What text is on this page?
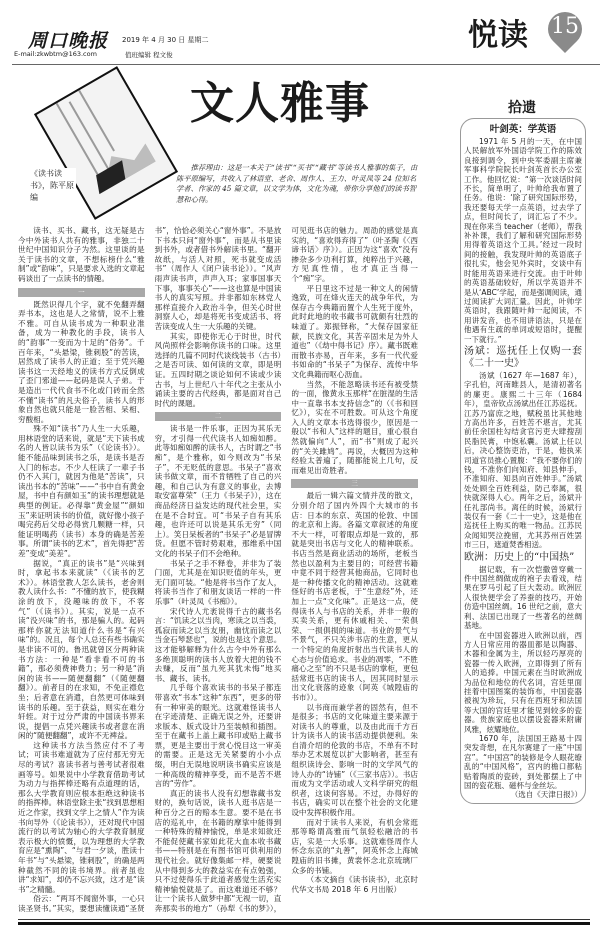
周口晚报 2019 年 4 月 30 日 星期二
E-mail:zkwbtm@163.com	值班编辑 程文俊
悦读 15
《读书读书》，陈平原编
文人雅事
推荐理由：这是一本关于“读书”“买书”“藏书”等读书人雅事的集子，由陈平原编写，共收入了林语堂、老舍、周作人、王力、叶灵凤等 24 位知名学者、作家的 45 篇文章，以文学为体，文化为魂，带你分享他们的读书智慧和心得。

读书、买书、藏书，这无疑是古今中外读书人共有的雅事，非独二十世纪中国知识分子为然。这里谈的是关于读书的文章，不想标榜什么“雅制”或“韵味”，只是要求入选的文章起码谈出了一点读书的情趣。

一

既然识得几个字，就不免翻弄翻弄书本，这也是人之常情，说不上雅不雅。可自从读书成为一种职业准备，成为一种教化的手段，读书人的“韵事”一变而为十足的“俗务”。千百年来，“头悬梁，锥刺股”的苦读，居然成了读书人的正道；至于凭兴趣读书这一天经地义的读书方式反倒成了歪门邪道——起码是误人子弟。于是造出一代代食书不化或门砖而全然不懂“读书”的凡夫俗子，读书人的形象自然也就只能是一脸苦相、呆相、穷酸相。

殊不知“读书”乃人生一大乐趣，用林语堂的话来说，就是“天下读书成名的人皆以读书为乐”（《论读书》）。能不能品味到读书之乐，是读书是否入门的标志。不少人枉读了一辈子书仍不入其门，就因为他是“苦读”，只读出书本的“苦味”——“书中自有黄金屋，书中自有颜如玉”的读书理想就是典型的例证。必得靠“黄金屋”“颜如玉”来证明读书的价值，就好像小孩子喝完药后父母必得赏几颗糖一样，只能证明喝药（读书）本身的确是苦差事。所谓“读书的艺术”，首先得把“苦差”变成“美差”。

据说，“真正的读书”是“兴味到时，拿起书本来就读”（《读书的艺术》）。林语堂教人怎么读书，老舍则教人读什么书：“不懂的放下，使我糊涂的放下，没趣味的放下，不客气”（《读书》）。其实，说是一点不读“没兴味”的书，那是骗人的。起码那样你就无法知道什么书是“有兴味”的。况且，每个人总还有些书确实是非读不可的。鲁迅就曾区分两种读书方法：一种是“看非看不可的书籍”，那必须费神费力；另一种是“消闲的读书——随便翻翻”（《随便翻翻》）。前者目的在求知，不免正襟危坐；后者意在消遣，自然更可体味到读书的乐趣。至于获益，则实在难分轩轾。对于过分严肃的中国读书界来说，提倡一点凭兴趣读书或者意在消闲的“随便翻翻”，或许不无裨益。

这种读书方法当然应付不了考试；可读书难道就为了应付那无穷无尽的考试？喜读书者与善考试者很难画等号。如果说中小学教育借助考试为动力与指挥棒还略有点道理的话，那么大学教育则应根本拒绝这种读书的指挥棒。林语堂除主张“找到思想相近之作家，找到文学上之情人”作为读书向导外（《论读书》），还对现代中国流行的以考试为轴心的大学教育制度表示极大的愤慨，以为理想的大学教育应是“熏陶”、“与君一夕谈，胜读十年书”与“头悬梁，锥刺股”，的确是两种截然不同的读书境界。前者虽也讲“求知”，却仍不忘兴致，这才是“读书”之精髓。

俗云：“两耳不闻窗外事，一心只读圣贤书。”其实，要想读懂读通“圣贤书”，恰恰必须关心“窗外事”。不是放下书本只问“窗外事”，而是从书里读到书外，或者借书外解读书里。“翻开故纸，与活人对照，死书就变成活书”（周作人《闭户读书论》）。“风声雨声读书声，声声入耳；家事国事天下事，事事关心”——这也算是中国读书人的真实写照。并非都如东林党人那样直接介入政治斗争，但关心时世洞察人心，却是将死书变成活书、将苦读变成人生一大乐趣的关键。

其实，即使你无心于时世，时代风尚照样会影响你读书的口味。这里选择的几篇不同时代谈线装书（古书）之是否可读、如何读的文章，即是明证。五四时期之谈论如何不读或少读古书，与上世纪八十年代之主张从小诵读主要的古代经典，都是面对自己时代的课题。

二

读书是一件乐事，正因为其乐无穷，才引得一代代读书人如痴如醉。此等如痴如醉的读书人，古时谓之“书痴”，是个雅称，如今则改为“书呆子”，不无贬低的意思。书呆子“喜欢读书做文章，而不肯牺牲了自己的兴趣，和自己认为有意义的事业，去博取安富尊荣”（王力《书呆子》），这在商品经济日益发达的现代社会里，实在是不合时宜。可“书呆子自有其乐趣，也许还可以说是其乐无穷”（同上）。笑日呆板者的“书呆子”必是冒牌货。但愿不管时势艰难，那维系中国文化的书呆子们不会绝种。

书呆子之手不释卷，并非为了装门面，尤其是在知识贬值的年头，更无门面可装。“他是将书当作了友人，将读书当作了和朋友谈话一样的一件乐事”（叶灵凤《书痴》）。

宋代诗人尤袤说得千古的藏书名言：“饥读之以当肉，寒读之以当裘，孤寂而读之以当友朋，幽忧而读之以当金石琴瑟也”，说的也是这个意思。这才能够解释为什么古今中外有那么多绝顶聪明的读书人放着大把的钱不去赚，反而“虽九死其犹未悔”地买书、藏书、读书。

几乎每个喜欢读书的书呆子都连带喜欢“书本”这种“东西”，更多的带有一种审美的眼光。这就难怪读书人在字迹清楚、正确无误之外，还要讲求版本、版式设计乃至装帧和插图。至于在藏书上盖上藏书印或贴上藏书票，更是主要出于赏心悦目这一审美的需要。正是这无关紧要的小小点缀，明白无误地说明读书确实应该是一种高级的精神享受，而不是苦不堪言的“劳作”。

真正的读书人没有幻想靠藏书发财的，换句话说，读书人逛书店是一种百分之百的赔本生意。要不是在书店的巡礼中，在书籍的摩挲中能得到一种特殊的精神愉悦，单是求知欲还不能促使藏书家如此花大血本收书藏书——特别是在有图书馆可供利用的现代社会。就好像集邮一样，硬要说从中得到多大的教益实在有点勉强，只不过使得乐于此道者感觉生活充实精神愉悦就是了。而这难道还不够？让一个读书人做梦中都“无视一切，直奔那卖书的地方”（孙犁《书的梦》），可见逛书店的魅力。周劭的感觉是真实的，“喜欢得弃得了”（叶圣陶《〈西谛书话〉序》）。正因为这“喜欢”没有掺杂多少功利打算，纯粹出于兴趣，方见真性情，也才真正当得一个“痴”字。

平日里这不过是一种文人的闲情逸致，可在烽火连天的战争年代，为保存古今典籍而置个人生死于度外，此时此地的收书藏书可就颇有壮烈的味道了。郑振铎称，“大保存国家征献，民族文化，其苦辛固未足为外人道也”（《劫中得书记》序）。藏书既难而散书亦易，百年来，多有一代代爱书如命的“书呆子”为保存、流传中华文化典籍而呕心沥血。

当然，不能忽略读书还有被受禁的一面，像黄永玉那样“在脏湿的生活中一直靠书本支持信念”的（《书和回忆》），实在不可胜数。可从这个角度入人的文章本书选得很少，原因是一般以“书和人”这样的题目，重心很自然就偏向“人”，而“书”则成了起兴的“关关雎鸠”。再说，大概因为这种经验太普遍了，随都能说上几句，反而难见出奇胜者。

三

最后一辑六篇文情并茂的散文，分别介绍了国内外四个大城市的书店：日本的东京、英国的伦敦、中国的北京和上海。各篇文章叙述的角度不大一样，可着眼点却是一致的，那就是突出书店与文化人的精神联系。书店当然是商业活动的场所，老板当然也以盈利为主要目的；可经营书籍中竟不同于经营其他商品，它同时也是一种传播文化的精神活动。这就难怪好的书店老板，于“生意经”外，还加上一点“文化味”。正是这一点，使得读书人与书店的关系，并非一般的买卖关系，更有休戚相关、一荣俱荣、一损俱损的味道。书业的景气与不景气，不只关涉书店的生意，更从一个特定的角度折射出当代读书人的心态与价值追求。书业的凋零，“不胜痛心之至”的不只是书店的掌柜，更包括常逛书店的读书人，因其同时显示出文化衰落的迹象（阿英《城隍庙的书市》）。

以书商而兼学者的固然有，但不是很多；书店的文化味道主要来源于对读书人的尊重，以及由此而千方百计为读书人的读书活动提供便利。朱自清介绍的伦敦的书店，不单有不时举办艺术展览以扩大影响者，甚至有组织读诗会、影响一时的文学风气的诗人办的“诗铺”（《三家书店》）。书店而成为文学活动或人文科学研究的组织者，这谈何容易。不过，办得好的书店，确实可以在整个社会的文化建设中发挥积极作用。

而对于读书人来说，有机会常逛那等略谓高雅而气氛轻松融洽的书店，实是一大乐事。这就难怪周作人怀念东京的“丸善”，阿英怀念上海城隍庙的旧书摊，黄裳怀念北京琉璃厂众多的书铺。

（本文摘自《读书读书》，北京时代华文书局 2018 年 6 月出版）

拾遗
叶剑英：学英语

1971 年 5 月的一天，在中国人民解放军外国语学院工作的陈效良接到调令，到中央军委副主席兼军事科学院院长叶剑英首长办公室工作。他回忆说：“第一次谈话时间不长，简单明了，叶帅给我布置了任务。他说：‘除了研究国际形势，我还要每天学一点英语，过去学了点，但时间长了，词汇忘了不少。现在你来当 teacher（老师），帮我补补课，我们了解和研究国际形势用得着英语这个工具。’经过一段时间的接触，我发现叶帅的英语底子很扎实，他会见外宾时，交谈中有时能用英语来进行交流。由于叶帅的英语基础较好，所以学英语并不是从‘ABC’学起，而是强调阅读，通过阅读扩大词汇量。因此，叶帅学英语时，我跟随叶帅一起阅读，不用讲发音，也不用讲语法，只是在他遇有生疏的单词或短语时，提醒一下就行。”

汤斌：巡抚任上仅购一套《二十一史》

汤斌（1627 年—1687 年），字孔伯，河南睢县人，是清初著名的廉吏。康熙二十三年（1684 年），皇帝钦点汤斌出任江苏巡抚。江苏乃富庶之地，赋税虽比其他地方高出许多，百姓苦不堪言，尤其前任余国柱勾结贪官污吏大肆搜刮民脂民膏，中饱私囊。汤斌上任以后，决心整饬吏治，于是，他执来司道官员推心置腹：“我不要你们的钱，不准你们向知府、知县伸手，不准知府、知县向百姓伸手。”汤斌处处顾全百姓利益，防己奉属，很快就深得人心。两年之后，汤斌升任礼部尚书。离任的时候，汤斌行装仅有一套《二十一史》，这是他在巡抚任上购买的唯一物品。江苏民众闻知哭泣挽留，尤其苏州百姓罢市三日，遮道焚香相送。

欧洲：历史上的“中国热”

据记载，有一次恺撒曾穿戴一件中国丝绸做成的袍子去看戏，结果在罗马引起了巨大轰动。欧洲匠人很快便学会了养蚕的技巧，开始仿造中国丝绸。16 世纪之前，意大利、法国已出现了一些著名的丝绸基地。

在中国瓷器进入欧洲以前，西方人日常应用的器皿都是以陶器、木器和金属为主，所以轻巧厚亮的瓷器一传入欧洲，立即得到了所有人的追捧。中国元素在当时欧洲成为品位和地位的代名词，宫廷里面挂着中国图案的装饰布，中国瓷器被视为珍玩，只有在西班牙和法国等大国的宫廷里才能见到较多的瓷器。贵族家庭也以摆设瓷器来附庸风雅，炫耀地位。

1670 年，法国国王路易十四突发奇想，在凡尔赛建了一座“中国宫”。“中国宫”的装修是令人眼花缭乱的“中国风格”，宫内的檐口都粘贴着陶质的瓷砖，到处都摆上了中国的瓷花瓶、磁杯与金丝坛。

（选自《天津日报》）
